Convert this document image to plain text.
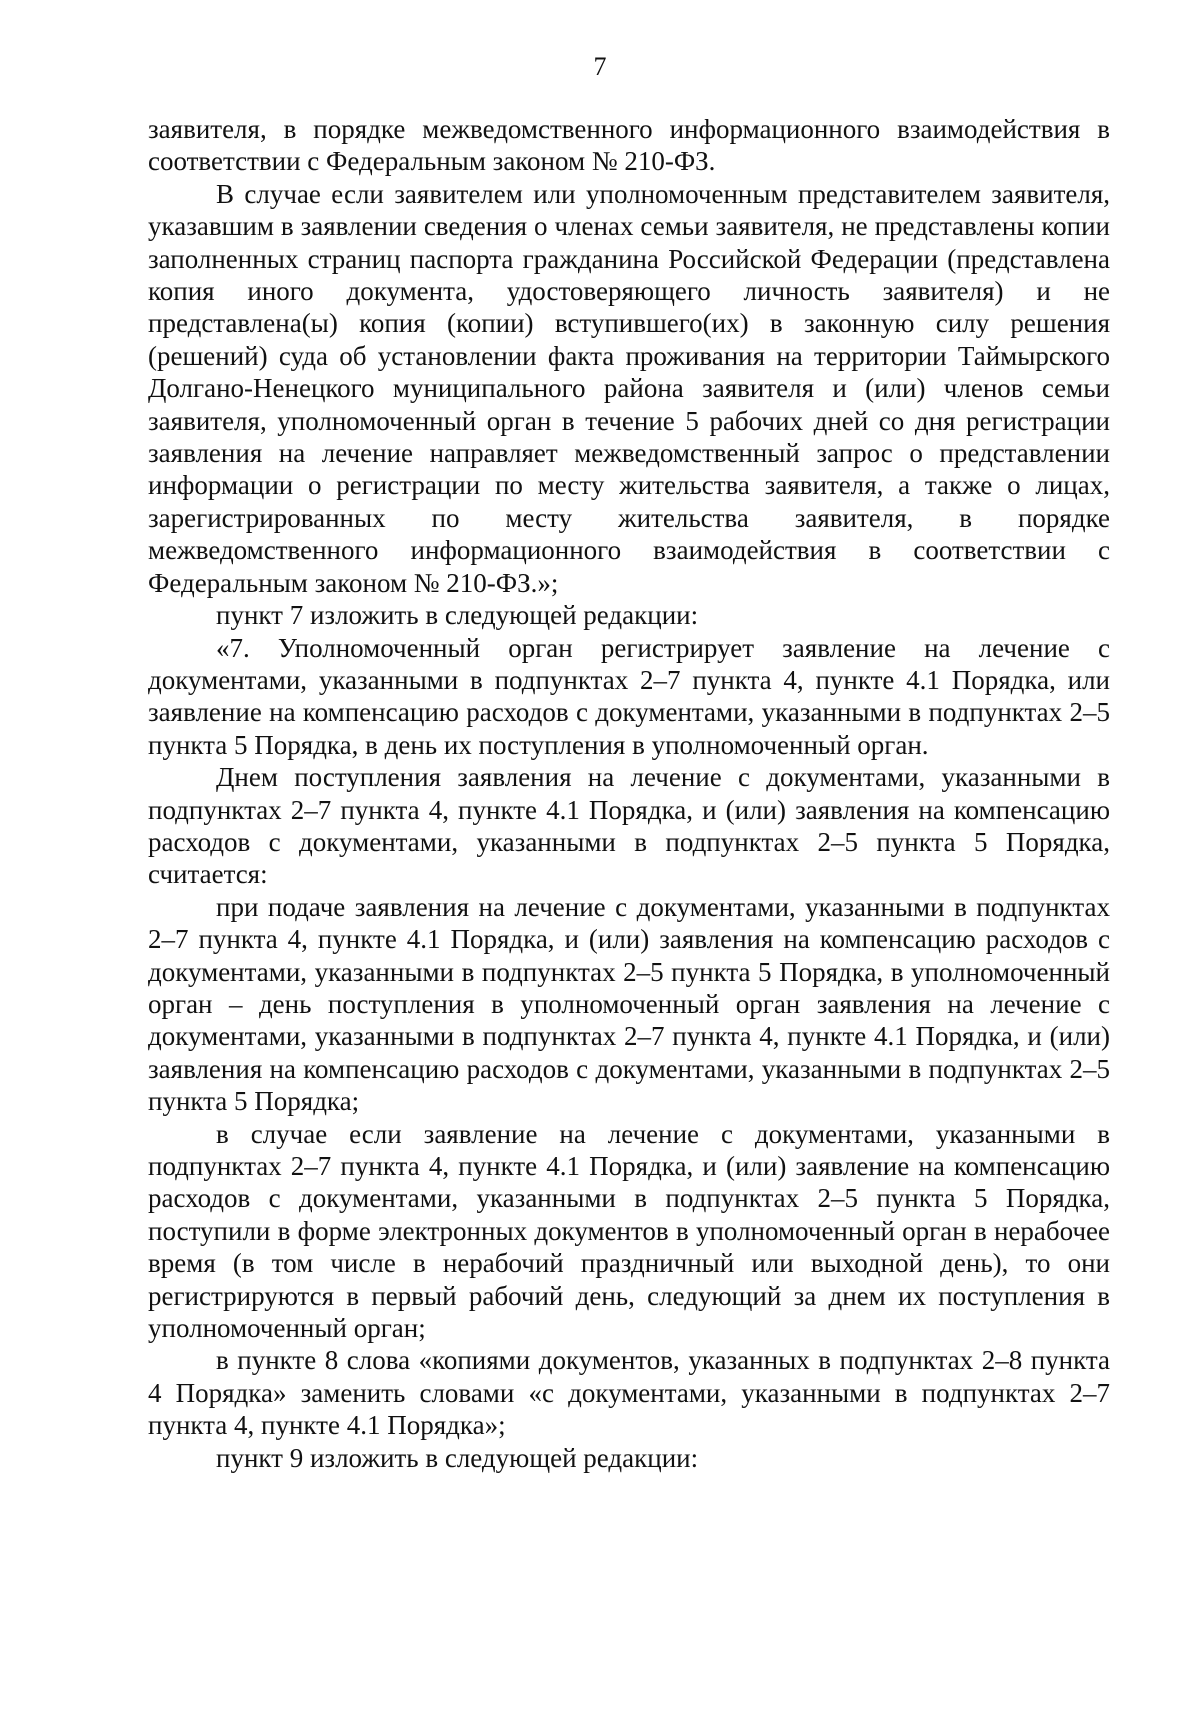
7

заявителя, в порядке межведомственного информационного взаимодействия в соответствии с Федеральным законом № 210-ФЗ.

В случае если заявителем или уполномоченным представителем заявителя, указавшим в заявлении сведения о членах семьи заявителя, не представлены копии заполненных страниц паспорта гражданина Российской Федерации (представлена копия иного документа, удостоверяющего личность заявителя) и не представлена(ы) копия (копии) вступившего(их) в законную силу решения (решений) суда об установлении факта проживания на территории Таймырского Долгано-Ненецкого муниципального района заявителя и (или) членов семьи заявителя, уполномоченный орган в течение 5 рабочих дней со дня регистрации заявления на лечение направляет межведомственный запрос о представлении информации о регистрации по месту жительства заявителя, а также о лицах, зарегистрированных по месту жительства заявителя, в порядке межведомственного информационного взаимодействия в соответствии с Федеральным законом № 210-ФЗ.»;

пункт 7 изложить в следующей редакции:

«7. Уполномоченный орган регистрирует заявление на лечение с документами, указанными в подпунктах 2–7 пункта 4, пункте 4.1 Порядка, или заявление на компенсацию расходов с документами, указанными в подпунктах 2–5 пункта 5 Порядка, в день их поступления в уполномоченный орган.

Днем поступления заявления на лечение с документами, указанными в подпунктах 2–7 пункта 4, пункте 4.1 Порядка, и (или) заявления на компенсацию расходов с документами, указанными в подпунктах 2–5 пункта 5 Порядка, считается:

при подаче заявления на лечение с документами, указанными в подпунктах 2–7 пункта 4, пункте 4.1 Порядка, и (или) заявления на компенсацию расходов с документами, указанными в подпунктах 2–5 пункта 5 Порядка, в уполномоченный орган – день поступления в уполномоченный орган заявления на лечение с документами, указанными в подпунктах 2–7 пункта 4, пункте 4.1 Порядка, и (или) заявления на компенсацию расходов с документами, указанными в подпунктах 2–5 пункта 5 Порядка;

в случае если заявление на лечение с документами, указанными в подпунктах 2–7 пункта 4, пункте 4.1 Порядка, и (или) заявление на компенсацию расходов с документами, указанными в подпунктах 2–5 пункта 5 Порядка, поступили в форме электронных документов в уполномоченный орган в нерабочее время (в том числе в нерабочий праздничный или выходной день), то они регистрируются в первый рабочий день, следующий за днем их поступления в уполномоченный орган;

в пункте 8 слова «копиями документов, указанных в подпунктах 2–8 пункта 4 Порядка» заменить словами «с документами, указанными в подпунктах 2–7 пункта 4, пункте 4.1 Порядка»;

пункт 9 изложить в следующей редакции:
